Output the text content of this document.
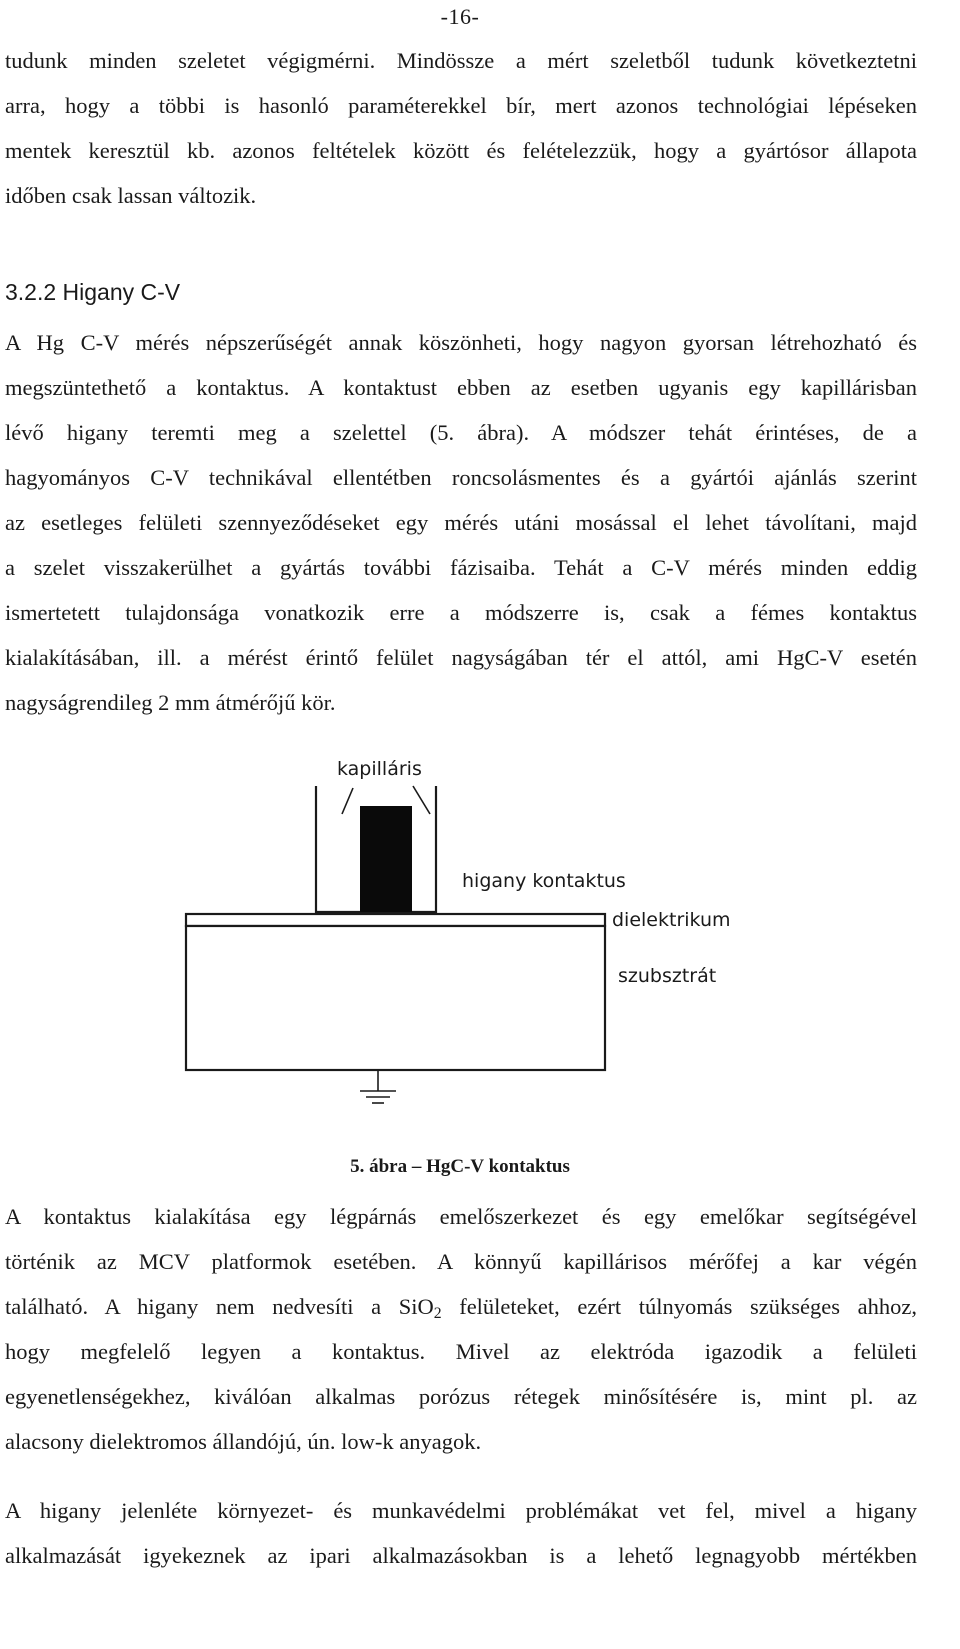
-16-

tudunk minden szeletet végigmérni. Mindössze a mért szeletből tudunk következtetni
arra, hogy a többi is hasonló paraméterekkel bír, mert azonos technológiai lépéseken
mentek keresztül kb. azonos feltételek között és felételezzük, hogy a gyártósor állapota
időben csak lassan változik.

3.2.2 Higany C-V

A Hg C-V mérés népszerűségét annak köszönheti, hogy nagyon gyorsan létrehozható és
megszüntethető a kontaktus. A kontaktust ebben az esetben ugyanis egy kapillárisban
lévő higany teremti meg a szelettel (5. ábra). A módszer tehát érintéses, de a
hagyományos C-V technikával ellentétben roncsolásmentes és a gyártói ajánlás szerint
az esetleges felületi szennyeződéseket egy mérés utáni mosással el lehet távolítani, majd
a szelet visszakerülhet a gyártás további fázisaiba. Tehát a C-V mérés minden eddig
ismertetett tulajdonsága vonatkozik erre a módszerre is, csak a fémes kontaktus
kialakításában, ill. a mérést érintő felület nagyságában tér el attól, ami HgC-V esetén
nagyságrendileg 2 mm átmérőjű kör.

kapilláris
higany kontaktus
dielektrikum
szubsztrát
5. ábra – HgC-V kontaktus

A kontaktus kialakítása egy légpárnás emelőszerkezet és egy emelőkar segítségével
történik az MCV platformok esetében. A könnyű kapillárisos mérőfej a kar végén
található. A higany nem nedvesíti a SiO$_2$ felületeket, ezért túlnyomás szükséges ahhoz,
hogy megfelelő legyen a kontaktus. Mivel az elektróda igazodik a felületi
egyenetlenségekhez, kiválóan alkalmas porózus rétegek minősítésére is, mint pl. az
alacsony dielektromos állandójú, ún. low-k anyagok.

A higany jelenléte környezet- és munkavédelmi problémákat vet fel, mivel a higany
alkalmazását igyekeznek az ipari alkalmazásokban is a lehető legnagyobb mértékben
